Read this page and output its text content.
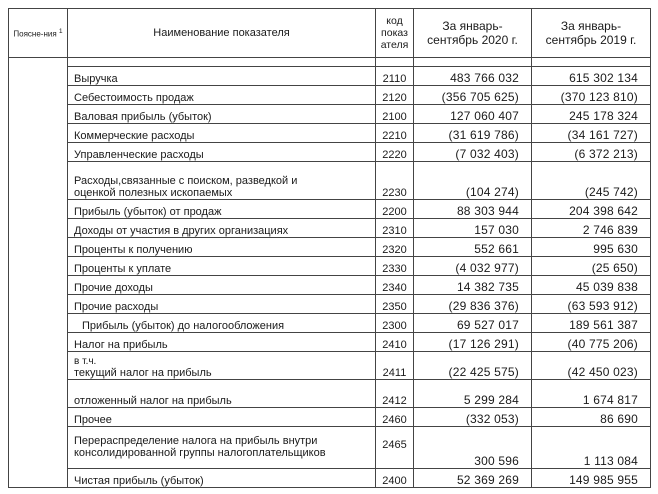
Поясне-ния $^1$	Наименование показателя	код показ ателя	За январь-сентябрь 2020 г.	За январь-сентябрь 2019 г.

	Выручка	2110	483 766 032	615 302 134
	Себестоимость продаж	2120	(356 705 625)	(370 123 810)
	Валовая прибыль (убыток)	2100	127 060 407	245 178 324
	Коммерческие расходы	2210	(31 619 786)	(34 161 727)
	Управленческие расходы	2220	(7 032 403)	(6 372 213)

	Расходы,связанные с поиском, разведкой и
оценкой полезных ископаемых	2230	(104 274)	(245 742)
	Прибыль (убыток) от продаж	2200	88 303 944	204 398 642
	Доходы от участия в других организациях	2310	157 030	2 746 839
	Проценты к получению	2320	552 661	995 630
	Проценты к уплате	2330	(4 032 977)	(25 650)
	Прочие доходы	2340	14 382 735	45 039 838
	Прочие расходы	2350	(29 836 376)	(63 593 912)
	Прибыль (убыток) до налогообложения	2300	69 527 017	189 561 387
	Налог на прибыль	2410	(17 126 291)	(40 775 206)

	в т.ч.
текущий налог на прибыль	2411	(22 425 575)	(42 450 023)
	отложенный налог на прибыль	2412	5 299 284	1 674 817
	Прочее	2460	(332 053)	86 690

	Перераспределение налога на прибыль внутри
консолидированной группы налогоплательщиков	2465	300 596	1 113 084
	Чистая прибыль (убыток)	2400	52 369 269	149 985 955
